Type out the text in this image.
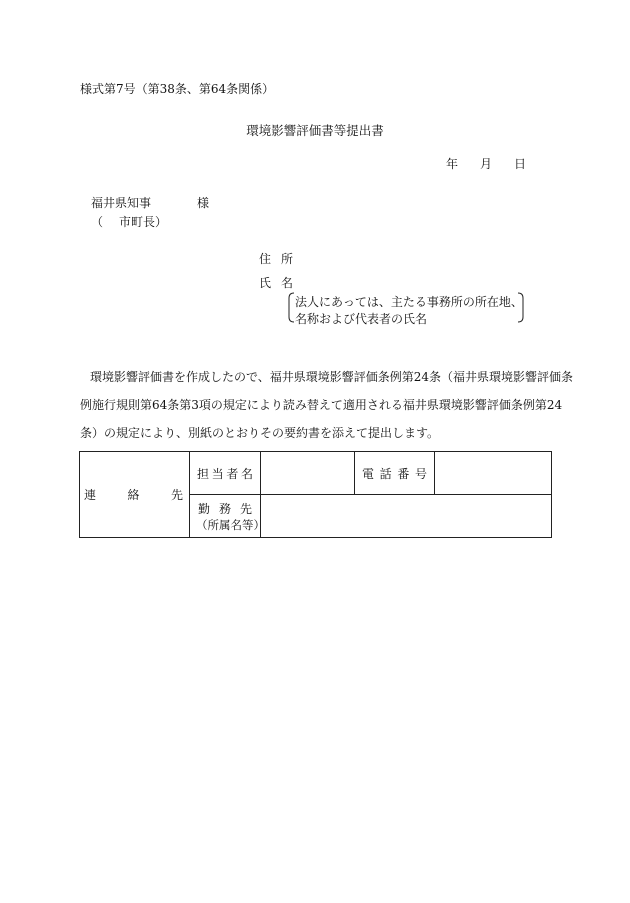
様式第7号（第38条、第64条関係）
環境影響評価書等提出書
年 月 日
福井県知事	様
（ 市町長）
住 所
氏 名
法人にあっては、主たる事務所の所在地、
名称および代表者の氏名
環境影響評価書を作成したので、福井県環境影響評価条例第24条（福井県環境影響評価条
例施行規則第64条第3項の規定により読み替えて適用される福井県環境影響評価条例第24
条）の規定により、別紙のとおりその要約書を添えて提出します。
連 絡 先	担 当 者 名		電 話 番 号	

	勤 務 先
（所属名等）			
